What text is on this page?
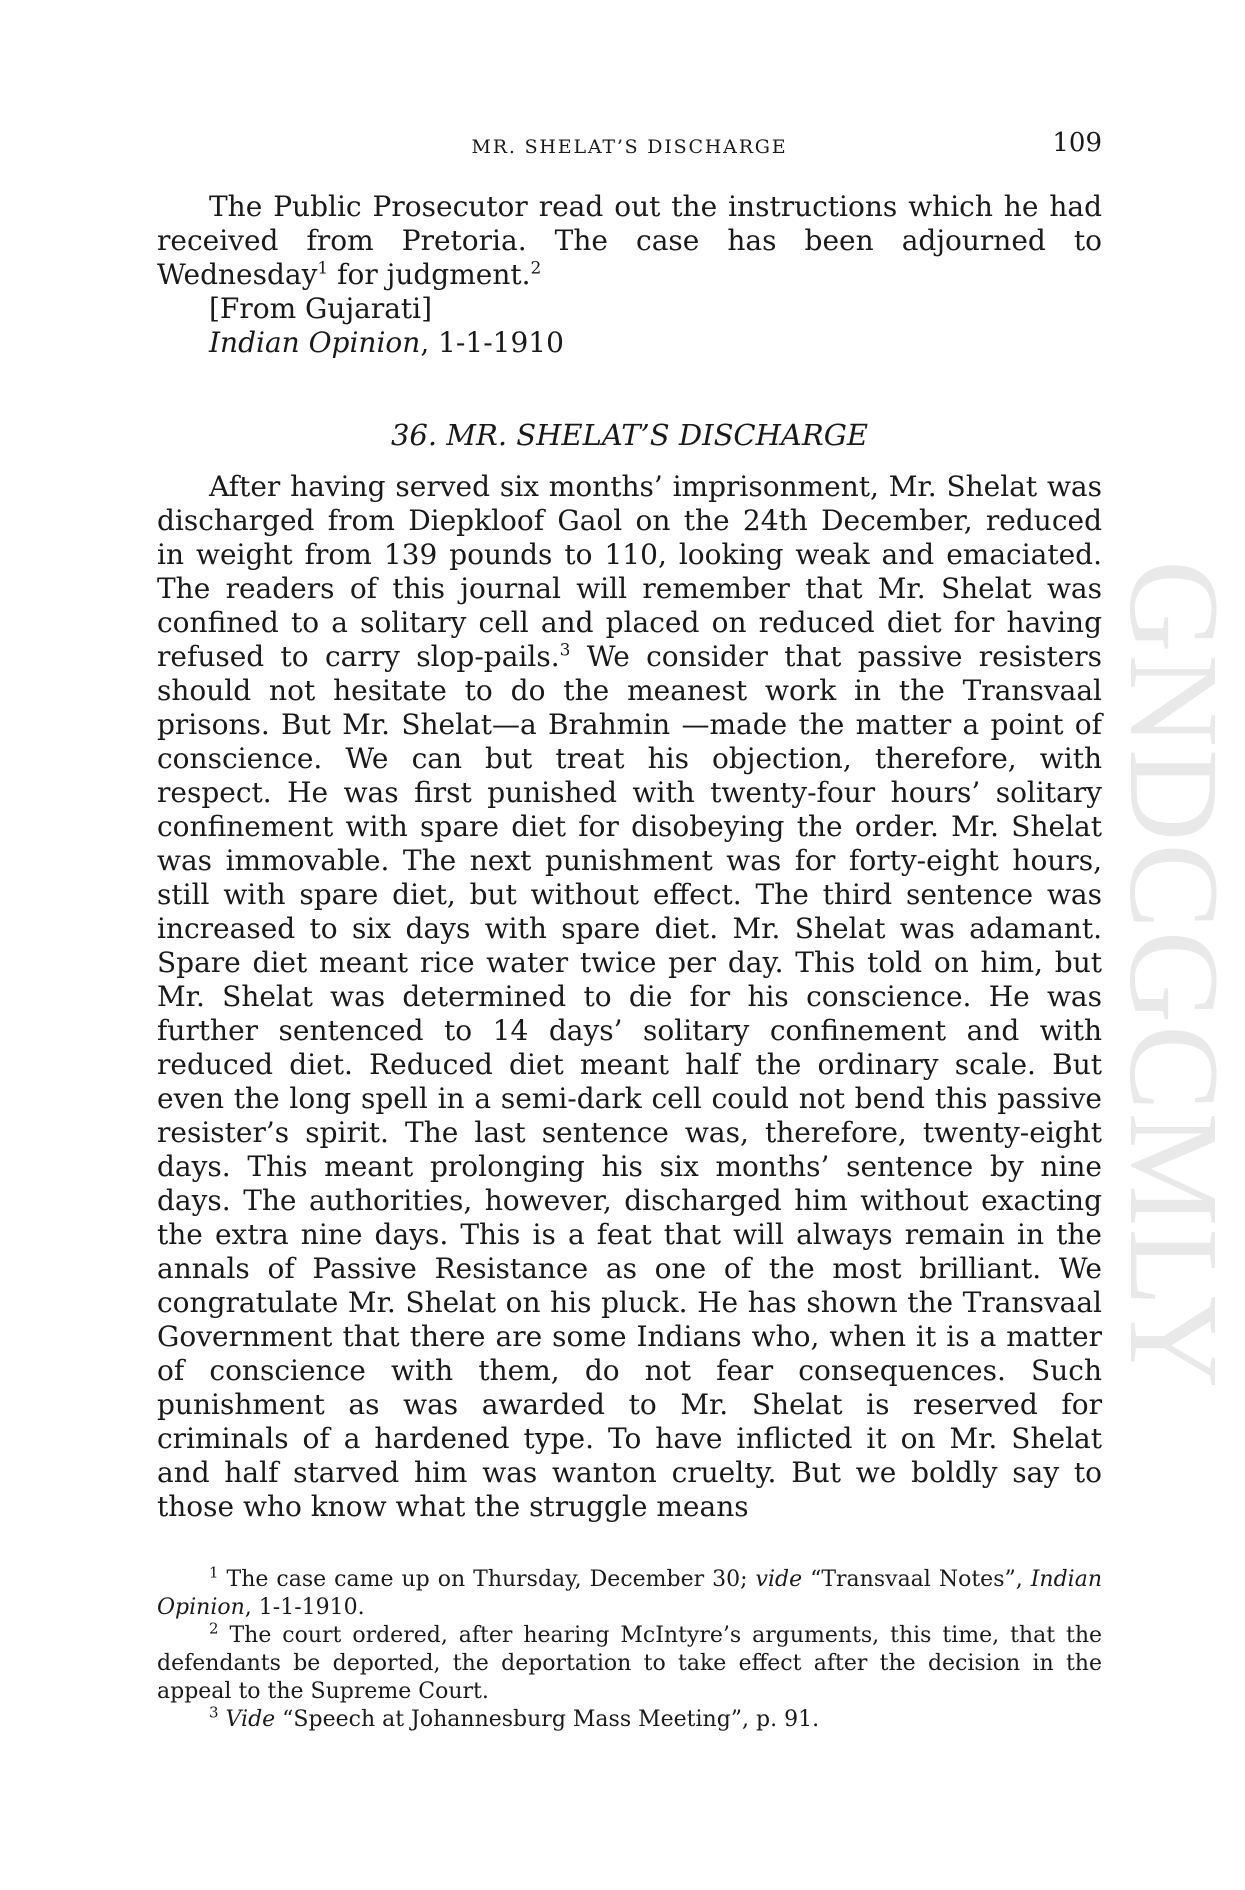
GNDCGCMLY
MR. SHELAT’S DISCHARGE	109

The Public Prosecutor read out the instructions which he had received from Pretoria. The case has been adjourned to Wednesday$^1$ for judgment.$^2$

[From Gujarati]
Indian Opinion, 1-1-1910
36. MR. SHELAT’S DISCHARGE

After having served six months’ imprisonment, Mr. Shelat was discharged from Diepkloof Gaol on the 24th December, reduced in weight from 139 pounds to 110, looking weak and emaciated. The readers of this journal will remember that Mr. Shelat was confined to a solitary cell and placed on reduced diet for having refused to carry slop-pails.$^3$ We consider that passive resisters should not hesitate to do the meanest work in the Transvaal prisons. But Mr. Shelat—a Brahmin —made the matter a point of conscience. We can but treat his objection, therefore, with respect. He was first punished with twenty-four hours’ solitary confinement with spare diet for disobeying the order. Mr. Shelat was immovable. The next punishment was for forty-eight hours, still with spare diet, but without effect. The third sentence was increased to six days with spare diet. Mr. Shelat was adamant. Spare diet meant rice water twice per day. This told on him, but Mr. Shelat was determined to die for his conscience. He was further sentenced to 14 days’ solitary confinement and with reduced diet. Reduced diet meant half the ordinary scale. But even the long spell in a semi-dark cell could not bend this passive resister’s spirit. The last sentence was, therefore, twenty-eight days. This meant prolonging his six months’ sentence by nine days. The authorities, however, discharged him without exacting the extra nine days. This is a feat that will always remain in the annals of Passive Resistance as one of the most brilliant. We congratulate Mr. Shelat on his pluck. He has shown the Transvaal Government that there are some Indians who, when it is a matter of conscience with them, do not fear consequences. Such punishment as was awarded to Mr. Shelat is reserved for criminals of a hardened type. To have inflicted it on Mr. Shelat and half starved him was wanton cruelty. But we boldly say to those who know what the struggle means

$^1$ The case came up on Thursday, December 30; vide “Transvaal Notes”, Indian Opinion, 1-1-1910.

$^2$ The court ordered, after hearing McIntyre’s arguments, this time, that the defendants be deported, the deportation to take effect after the decision in the appeal to the Supreme Court.

$^3$ Vide “Speech at Johannesburg Mass Meeting”, p. 91.
